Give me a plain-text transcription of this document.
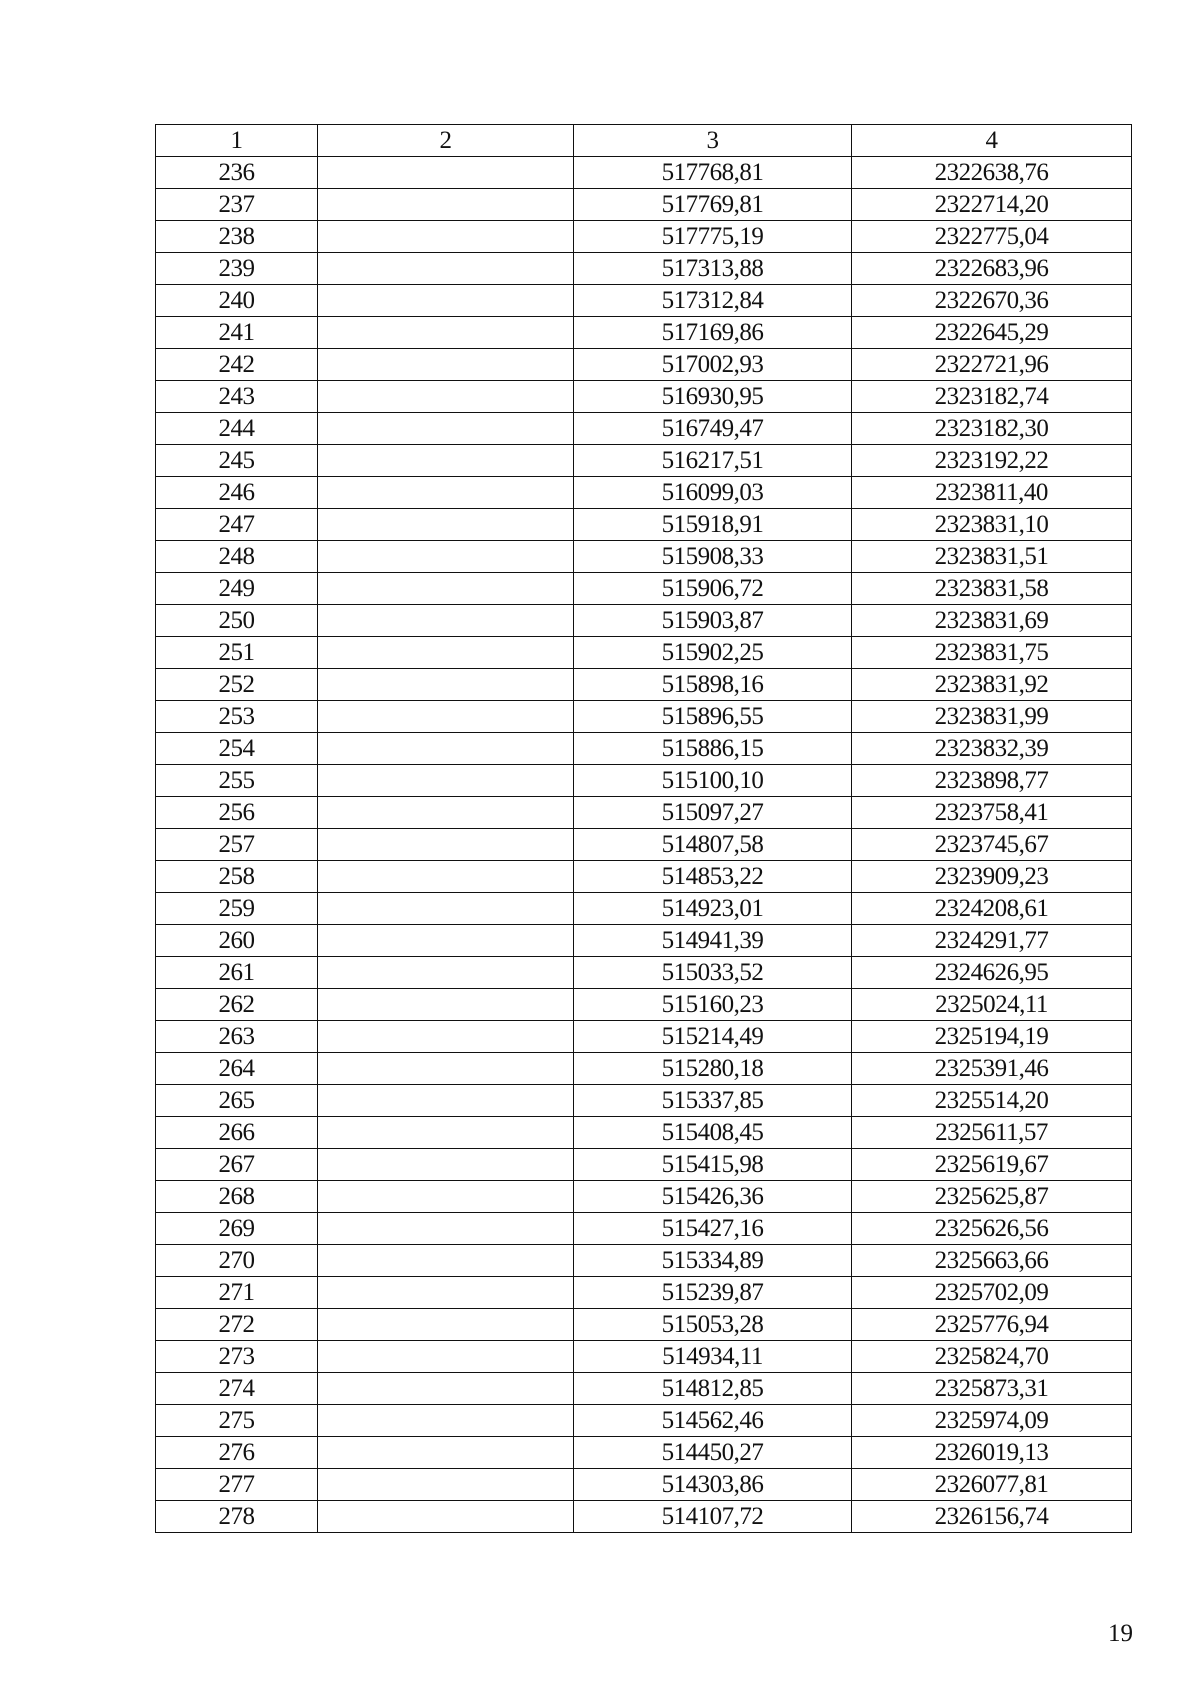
1	2	3	4
236		517768,81	2322638,76
237		517769,81	2322714,20
238		517775,19	2322775,04
239		517313,88	2322683,96
240		517312,84	2322670,36
241		517169,86	2322645,29
242		517002,93	2322721,96
243		516930,95	2323182,74
244		516749,47	2323182,30
245		516217,51	2323192,22
246		516099,03	2323811,40
247		515918,91	2323831,10
248		515908,33	2323831,51
249		515906,72	2323831,58
250		515903,87	2323831,69
251		515902,25	2323831,75
252		515898,16	2323831,92
253		515896,55	2323831,99
254		515886,15	2323832,39
255		515100,10	2323898,77
256		515097,27	2323758,41
257		514807,58	2323745,67
258		514853,22	2323909,23
259		514923,01	2324208,61
260		514941,39	2324291,77
261		515033,52	2324626,95
262		515160,23	2325024,11
263		515214,49	2325194,19
264		515280,18	2325391,46
265		515337,85	2325514,20
266		515408,45	2325611,57
267		515415,98	2325619,67
268		515426,36	2325625,87
269		515427,16	2325626,56
270		515334,89	2325663,66
271		515239,87	2325702,09
272		515053,28	2325776,94
273		514934,11	2325824,70
274		514812,85	2325873,31
275		514562,46	2325974,09
276		514450,27	2326019,13
277		514303,86	2326077,81
278		514107,72	2326156,74
19
